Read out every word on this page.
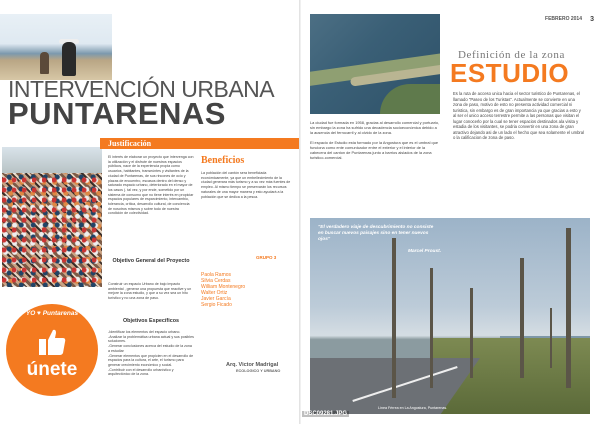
INTERVENCIÓN URBANA
PUNTARENAS
Justificación
El interés de elaborar un proyecto que intervenga con la utilización y el disfrute de nuestros espacios públicos, nace de la experiencia propia como usuarios, habitantes, transeúntes y visitantes de la ciudad de Puntarenas, de sus rincones de ocio y plazas de encuentro, escasos dentro del denso y saturado espacio urbano, deteriorado en el mayor de los casos (. tal vez, y por ende, sometido por un sistema de consumo que no tiene interés en propiciar espacios populares de esparcimiento, intercambio, tolerancia, crítica, desarrollo cultural, de conciencia de nosotros mismos y sobre todo de nuestra condición de colectividad.
Objetivo General del Proyecto
Construir un espacio Urbano de bajo impacto ambiental , generar una propuesta que reactive y un mejore la zona estudio, y que a su vez sea un hito turístico y no una zona de paso.
Objetivos Específicos
-Identificar los elementos del espacio urbano.
-Analizar la problemática urbana actual y sus posibles soluciones.
-Generar conclusiones acerca del estudio de la zona a estudiar
-Generar elementos que propicien en el desarrollo de espacios para la cultura, el arte, el turismo para generar crecimiento económico y social.
-Contribuir con el desarrollo urbanístico y arquitectónico de la zona.
Beneficios
La población del cantón sera beneficiada económicamente, ya que un embellecimiento de la ciudad generara más turismo y a su vez más fuentes de empleo. Al mismo tiempo se preservarán los recursos naturales de una mayor manera y esto ayudará a la población que se dedica a la pesca.
GRUPO 3
Paola Ramos
Silvia Cerdas
William Montenegro
Walter Ortiz
Javier García
Sergio Ficado
Arq. Victor Madrigal
ECOLOGICO Y URBANO
YO ♥ Puntarenas
únete
FEBRERO 2014 3
Definición de la zona
ESTUDIO

La ciudad fue formada en 1958, gracias al desarrollo comercial y portuario, sin embargo la zona ha sufrido una decadencia socioeconómica debido a la ausencia del ferrocarril y al olvido de la zona.

El espacio de Estudio esta formado por la Angostura que es el umbral que funciona como ente comunicador entre el exterior y el interior de la cabecera del canton de Puntarenas junto a barrios aislados de la zona turistico-comercial.

Es la ruta de acceso unica hacia el sector turistico de Puntarenas, el llamado "Paseo de los Turistas". Actualmente se convierte en una zona de paso, motivo de esto no presenta actividad comercial ni turistica, sin embargo es de gran importancia ya que gracias a esto y al ser el unico acceso terrestre permite a las personas que visitan el lugar conocerlo por la cual se tener espacios destinados ala visita y estadia de los visitantes, se podria convertir en una zona de gran atractivo dejando asi de un lado el hecho que sea solamente el umbral o la calificacion de zona de paso.
"El verdadero viaje de descubrimiento no consiste en buscar nuevos paisajes sino en tener nuevos ojos"
Marcel Proust.
Línea Férrea en La Angostura, Puntarenas.
DSC09281.JPG
